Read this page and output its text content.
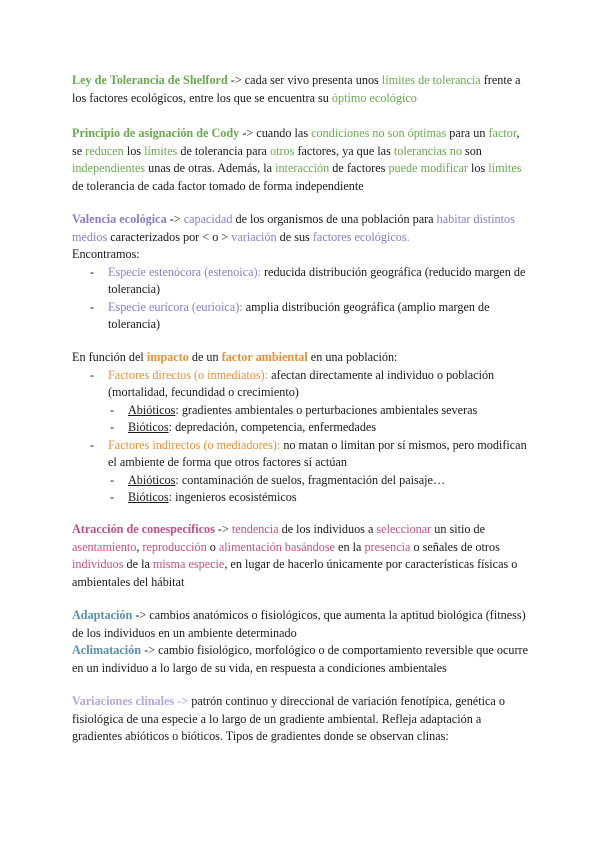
Ley de Tolerancia de Shelford -> cada ser vivo presenta unos límites de tolerancia frente a los factores ecológicos, entre los que se encuentra su óptimo ecológico

Principio de asignación de Cody -> cuando las condiciones no son óptimas para un factor, se reducen los límites de tolerancia para otros factores, ya que las tolerancias no son independientes unas de otras. Además, la interacción de factores puede modificar los límites de tolerancia de cada factor tomado de forma independiente

Valencia ecológica -> capacidad de los organismos de una población para habitar distintos medios caracterizados por < o > variación de sus factores ecológicos.

Encontramos:

- Especie estenócora (estenoica): reducida distribución geográfica (reducido margen de tolerancia)
- Especie eurícora (eurioica): amplia distribución geográfica (amplio margen de tolerancia)

En función del impacto de un factor ambiental en una población:

- Factores directos (o inmediatos): afectan directamente al individuo o población (mortalidad, fecundidad o crecimiento)
- Abióticos: gradientes ambientales o perturbaciones ambientales severas
- Bióticos: depredación, competencia, enfermedades
- Factores indirectos (o mediadores): no matan o limitan por sí mismos, pero modifican el ambiente de forma que otros factores sí actúan
- Abióticos: contaminación de suelos, fragmentación del paisaje…
- Bióticos: ingenieros ecosistémicos

Atracción de conespecíficos -> tendencia de los individuos a seleccionar un sitio de asentamiento, reproducción o alimentación basándose en la presencia o señales de otros individuos de la misma especie, en lugar de hacerlo únicamente por características físicas o ambientales del hábitat

Adaptación -> cambios anatómicos o fisiológicos, que aumenta la aptitud biológica (fitness) de los individuos en un ambiente determinado

Aclimatación -> cambio fisiológico, morfológico o de comportamiento reversible que ocurre en un individuo a lo largo de su vida, en respuesta a condiciones ambientales

Variaciones clinales -> patrón continuo y direccional de variación fenotípica, genética o fisiológica de una especie a lo largo de un gradiente ambiental. Refleja adaptación a gradientes abióticos o bióticos. Tipos de gradientes donde se observan clinas:
